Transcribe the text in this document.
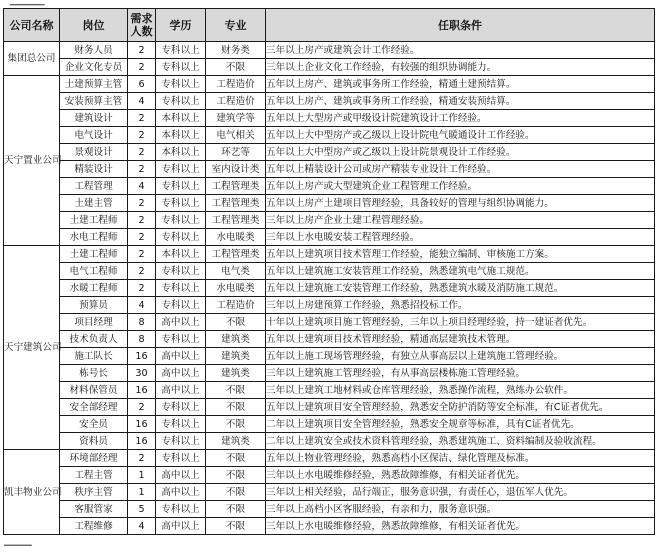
▁▁▁▁▁
公司名称	岗位	需求人数	学历	专业	任职条件
集团总公司	财务人员	2	专科以上	财务类	三年以上房产或建筑会计工作经验。
	企业文化专员	2	专科以上	不限	三年以上企业文化工作经验，有较强的组织协调能力。
天宁置业公司	土建预算主管	6	专科以上	工程造价	五年以上房产、建筑或事务所工作经验，精通土建预结算。
	安装预算主管	4	专科以上	工程造价	五年以上房产、建筑或事务所工作经验，精通安装预结算。
	建筑设计	2	本科以上	建筑学等	五年以上大型房产或甲级设计院建筑设计工作经验。
	电气设计	2	本科以上	电气相关	五年以上大中型房产或乙级以上设计院电气暖通设计工作经验。
	景观设计	2	本科以上	环艺等	五年以上大中型房产或乙级以上设计院景观设计工作经验。
	精装设计	2	专科以上	室内设计类	五年以上精装设计公司或房产精装专业设计工作经验。
	工程管理	4	专科以上	工程管理类	五年以上房产或大型建筑企业工程管理工作经验。
	土建主管	2	专科以上	工程管理类	五年以上房产土建项目管理经验，具备较好的管理与组织协调能力。
	土建工程师	2	专科以上	工程管理类	三年以上房产企业土建工程管理经验。
	水电工程师	2	专科以上	水电暖类	三年以上水电暖安装工程管理经验。
天宁建筑公司	土建工程师	2	本科以上	工程管理类	五年以上建筑项目技术管理工作经验，能独立编制、审核施工方案。
	电气工程师	2	专科以上	电气类	五年以上建筑施工安装管理工作经验，熟悉建筑电气施工规范。
	水暖工程师	2	专科以上	水电暖类	五年以上建筑施工安装管理工作经验，熟悉建筑水暖及消防施工规范。
	预算员	4	专科以上	工程造价	三年以上房建预算工作经验，熟悉招投标工作。
	项目经理	8	高中以上	不限	十年以上建筑项目施工管理经验，三年以上项目经理经验，持一建证者优先。
	技术负责人	8	专科以上	建筑类	五年以上建筑项目技术管理经验，精通高层建筑技术管理。
	施工队长	16	高中以上	建筑类	五年以上施工现场管理经验，有独立从事高层以上建筑施工管理经验。
	栋号长	30	高中以上	建筑类	三年以上建筑施工管理经验，有从事高层楼栋施工管理经验。
	材料保管员	16	高中以上	不限	三年以上建筑工地材料或仓库管理经验，熟悉操作流程，熟练办公软件。
	安全部经理	2	专科以上	不限	五年以上建筑项目安全管理经验，熟悉安全防护消防等安全标准，有C证者优先。
	安全员	16	专科以上	不限	二年以上建筑项目安全管理经验，熟悉安全规章等标准，具有C证者优先。
	资料员	16	专科以上	建筑类	二年以上建筑安全或技术资料管理经验，熟悉建筑施工、资料编制及验收流程。
凯丰物业公司	环境部经理	2	专科以上	不限	五年以上物业管理经验，熟悉高档小区保洁、绿化管理及标准。
	工程主管	1	高中以上	不限	三年以上水电暖维修经验，熟悉故障维修，有相关证者优先。
	秩序主管	1	高中以上	不限	三年以上相关经验，品行端正，服务意识强，有责任心，退伍军人优先。
	客服管家	5	专科以上	不限	三年以上高档小区客服经验，有亲和力，服务意识强。
	工程维修	4	高中以上	不限	三年以上水电暖维修经验，熟悉故障维修，有相关证者优先。
▔▔▔▔
